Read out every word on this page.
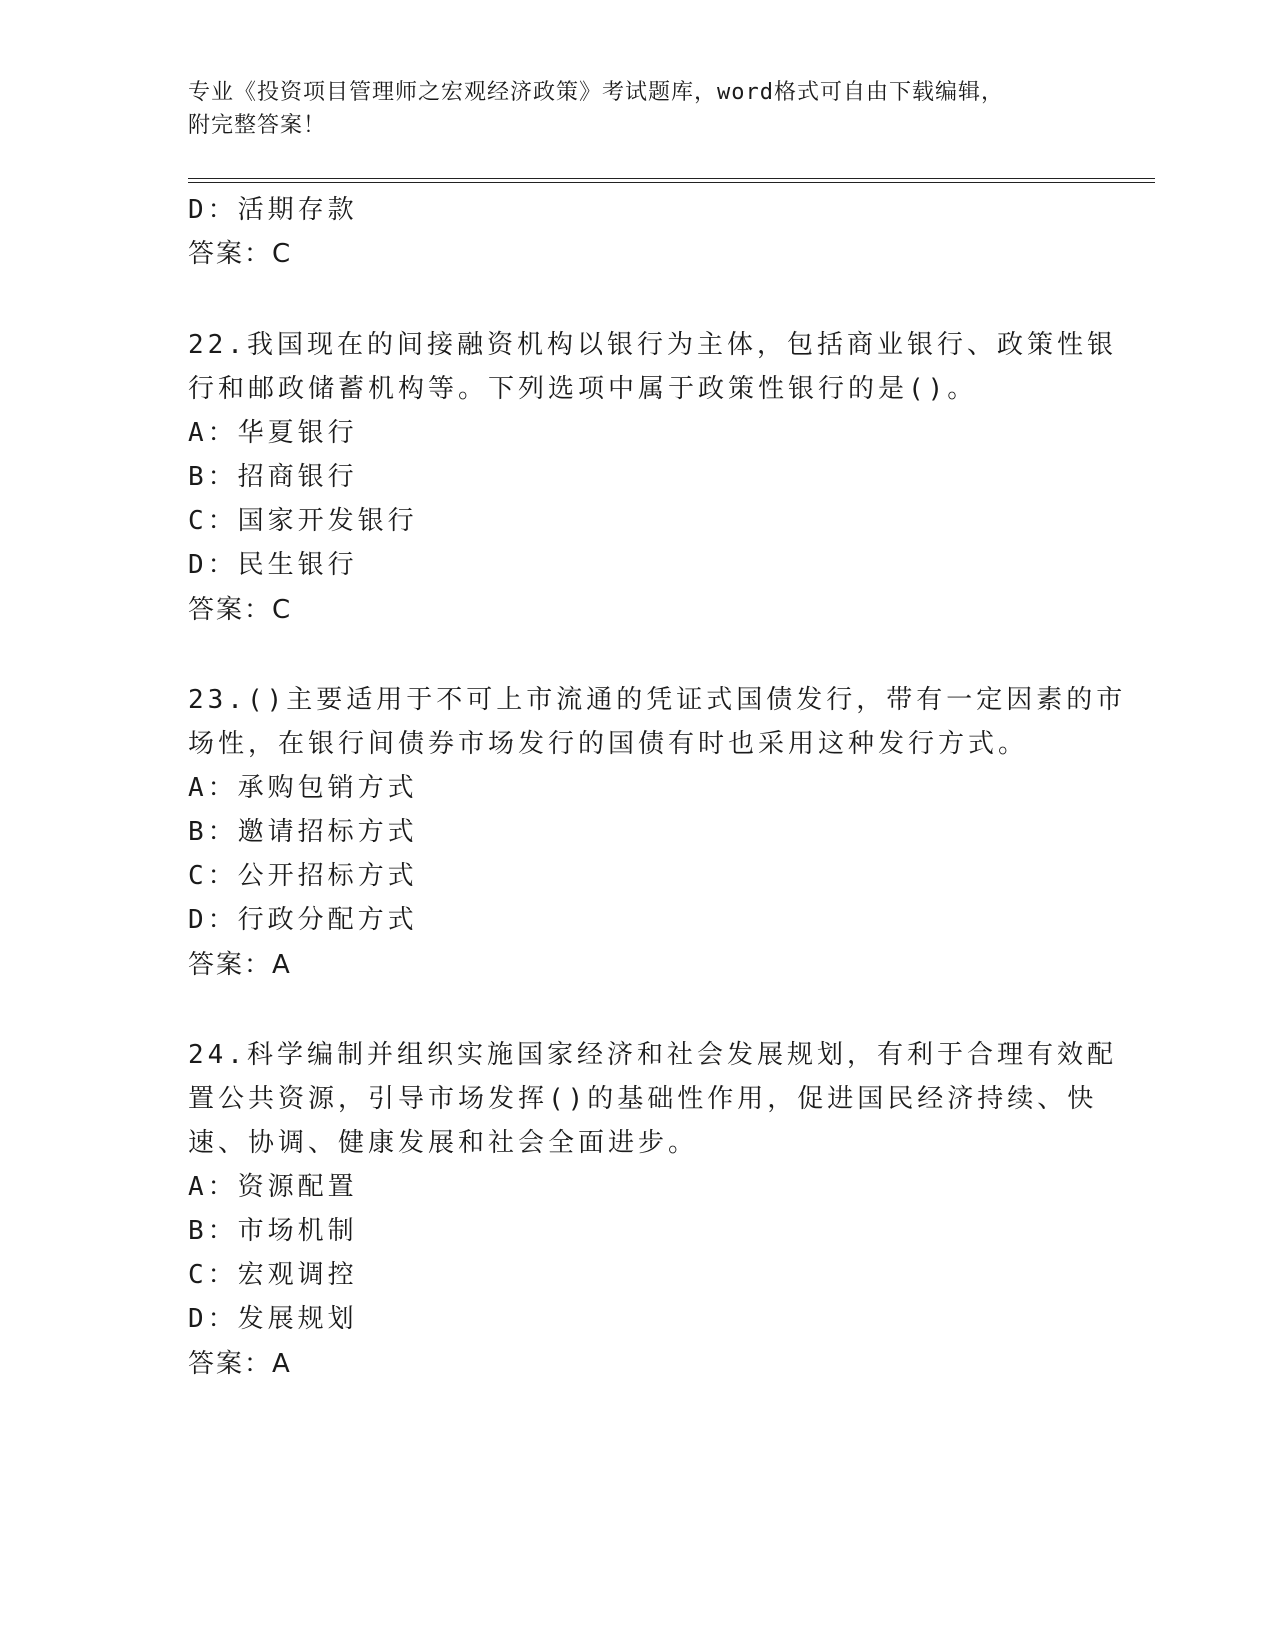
专业《投资项目管理师之宏观经济政策》考试题库，word格式可自由下载编辑，
附完整答案！
D：活期存款
答案：C
22.我国现在的间接融资机构以银行为主体，包括商业银行、政策性银
行和邮政储蓄机构等。下列选项中属于政策性银行的是()。
A：华夏银行
B：招商银行
C：国家开发银行
D：民生银行
答案：C
23.()主要适用于不可上市流通的凭证式国债发行，带有一定因素的市
场性，在银行间债券市场发行的国债有时也采用这种发行方式。
A：承购包销方式
B：邀请招标方式
C：公开招标方式
D：行政分配方式
答案：A
24.科学编制并组织实施国家经济和社会发展规划，有利于合理有效配
置公共资源，引导市场发挥()的基础性作用，促进国民经济持续、快
速、协调、健康发展和社会全面进步。
A：资源配置
B：市场机制
C：宏观调控
D：发展规划
答案：A
